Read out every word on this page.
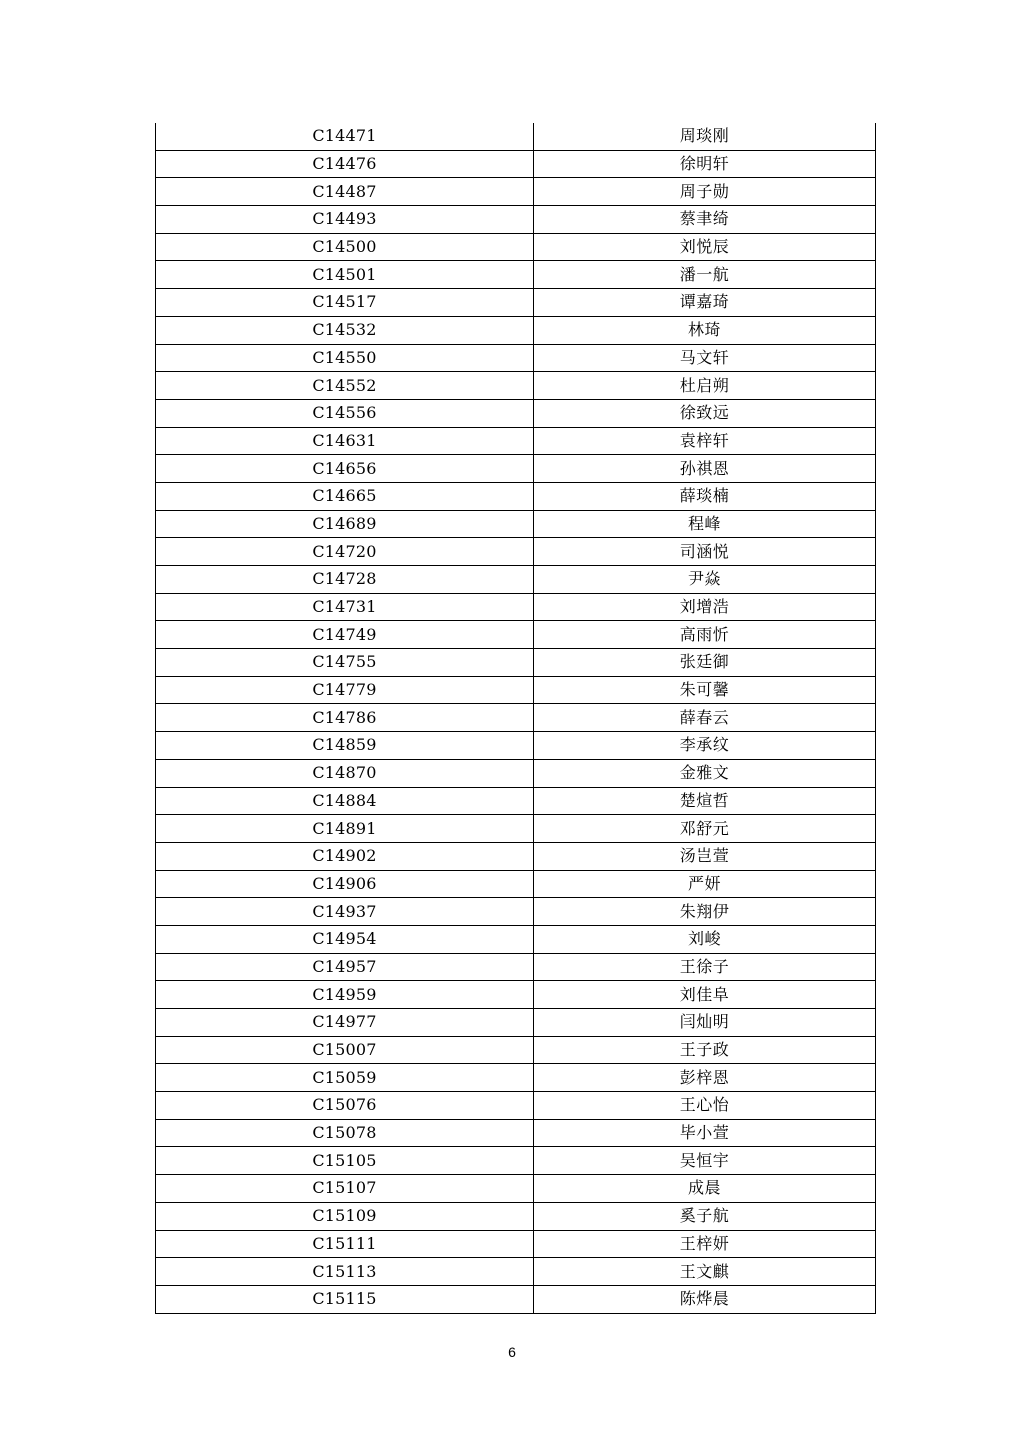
C14471	周琰刚
C14476	徐明轩
C14487	周子勋
C14493	蔡聿绮
C14500	刘悦辰
C14501	潘一航
C14517	谭嘉琦
C14532	林琦
C14550	马文轩
C14552	杜启朔
C14556	徐致远
C14631	袁梓轩
C14656	孙祺恩
C14665	薛琰楠
C14689	程峰
C14720	司涵悦
C14728	尹焱
C14731	刘增浩
C14749	高雨忻
C14755	张廷御
C14779	朱可馨
C14786	薛春云
C14859	李承纹
C14870	金雅文
C14884	楚煊哲
C14891	邓舒元
C14902	汤岂萱
C14906	严妍
C14937	朱翔伊
C14954	刘峻
C14957	王徐子
C14959	刘佳阜
C14977	闫灿明
C15007	王子政
C15059	彭梓恩
C15076	王心怡
C15078	毕小萱
C15105	吴恒宇
C15107	成晨
C15109	奚子航
C15111	王梓妍
C15113	王文麒
C15115	陈烨晨
6
